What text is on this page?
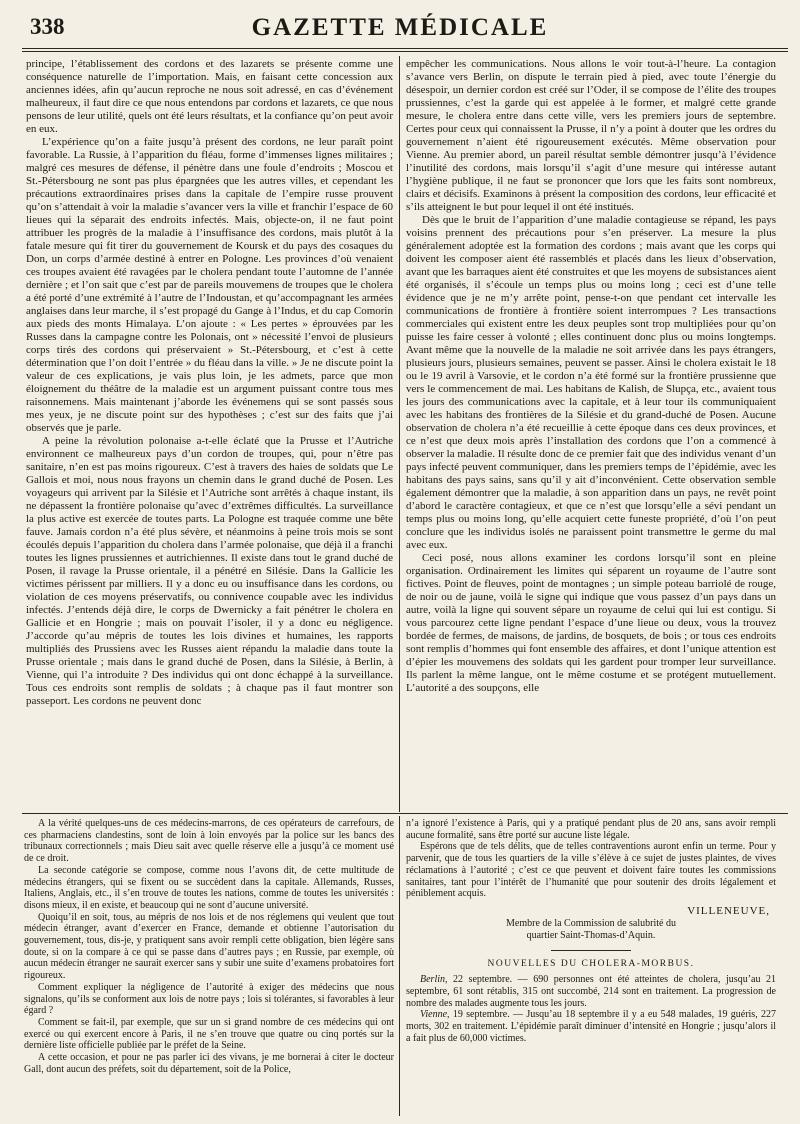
338	GAZETTE MÉDICALE

principe, l’établissement des cordons et des lazarets se présente comme une conséquence naturelle de l’importation. Mais, en faisant cette concession aux anciennes idées, afin qu’aucun reproche ne nous soit adressé, en cas d’événement malheureux, il faut dire ce que nous entendons par cordons et lazarets, ce que nous pensons de leur utilité, quels ont été leurs résultats, et la confiance qu’on peut avoir en eux.

L’expérience qu’on a faite jusqu’à présent des cordons, ne leur paraît point favorable. La Russie, à l’apparition du fléau, forme d’immenses lignes militaires ; malgré ces mesures de défense, il pénètre dans une foule d’endroits ; Moscou et St.-Pétersbourg ne sont pas plus épargnées que les autres villes, et cependant les précautions extraordinaires prises dans la capitale de l’empire russe prouvent qu’on s’attendait à voir la maladie s’avancer vers la ville et franchir l’espace de 60 lieues qui la séparait des endroits infectés. Mais, objecte-on, il ne faut point attribuer les progrès de la maladie à l’insuffisance des cordons, mais plutôt à la fatale mesure qui fit tirer du gouvernement de Koursk et du pays des cosaques du Don, un corps d’armée destiné à entrer en Pologne. Les provinces d’où venaient ces troupes avaient été ravagées par le cholera pendant toute l’automne de l’année dernière ; et l’on sait que c’est par de pareils mouvemens de troupes que le cholera a été porté d’une extrémité à l’autre de l’Indoustan, et qu’accompagnant les armées anglaises dans leur marche, il s’est propagé du Gange à l’Indus, et du cap Comorin aux pieds des monts Himalaya. L’on ajoute : « Les pertes » éprouvées par les Russes dans la campagne contre les Polonais, ont » nécessité l’envoi de plusieurs corps tirés des cordons qui préservaient » St.-Pétersbourg, et c’est à cette détermination que l’on doit l’entrée » du fléau dans la ville. » Je ne discute point la valeur de ces explications, je vais plus loin, je les admets, parce que mon éloignement du théâtre de la maladie est un argument puissant contre tous mes raisonnemens. Mais maintenant j’aborde les événemens qui se sont passés sous mes yeux, je ne discute point sur des hypothèses ; c’est sur des faits que j’ai observés que je parle.

A peine la révolution polonaise a-t-elle éclaté que la Prusse et l’Autriche environnent ce malheureux pays d’un cordon de troupes, qui, pour n’être pas sanitaire, n’en est pas moins rigoureux. C’est à travers des haies de soldats que Le Gallois et moi, nous nous frayons un chemin dans le grand duché de Posen. Les voyageurs qui arrivent par la Silésie et l’Autriche sont arrêtés à chaque instant, ils ne dépassent la frontière polonaise qu’avec d’extrêmes difficultés. La surveillance la plus active est exercée de toutes parts. La Pologne est traquée comme une bête fauve. Jamais cordon n’a été plus sévère, et néanmoins à peine trois mois se sont écoulés depuis l’apparition du cholera dans l’armée polonaise, que déjà il a franchi toutes les lignes prussiennes et autrichiennes. Il existe dans tout le grand duché de Posen, il ravage la Prusse orientale, il a pénétré en Silésie. Dans la Gallicie les victimes périssent par milliers. Il y a donc eu ou insuffisance dans les cordons, ou violation de ces moyens préservatifs, ou connivence coupable avec les individus infectés. J’entends déjà dire, le corps de Dwernicky a fait pénétrer le cholera en Gallicie et en Hongrie ; mais on pouvait l’isoler, il y a donc eu négligence. J’accorde qu’au mépris de toutes les lois divines et humaines, les rapports multipliés des Prussiens avec les Russes aient répandu la maladie dans toute la Prusse orientale ; mais dans le grand duché de Posen, dans la Silésie, à Berlin, à Vienne, qui l’a introduite ? Des individus qui ont donc échappé à la surveillance. Tous ces endroits sont remplis de soldats ; à chaque pas il faut montrer son passeport. Les cordons ne peuvent donc

empêcher les communications. Nous allons le voir tout-à-l’heure. La contagion s’avance vers Berlin, on dispute le terrain pied à pied, avec toute l’énergie du désespoir, un dernier cordon est créé sur l’Oder, il se compose de l’élite des troupes prussiennes, c’est la garde qui est appelée à le former, et malgré cette grande mesure, le cholera entre dans cette ville, vers les premiers jours de septembre. Certes pour ceux qui connaissent la Prusse, il n’y a point à douter que les ordres du gouvernement n’aient été rigoureusement exécutés. Même observation pour Vienne. Au premier abord, un pareil résultat semble démontrer jusqu’à l’évidence l’inutilité des cordons, mais lorsqu’il s’agit d’une mesure qui intéresse autant l’hygiène publique, il ne faut se prononcer que lors que les faits sont nombreux, clairs et décisifs. Examinons à présent la composition des cordons, leur efficacité et s’ils atteignent le but pour lequel il ont été institués.

Dès que le bruit de l’apparition d’une maladie contagieuse se répand, les pays voisins prennent des précautions pour s’en préserver. La mesure la plus généralement adoptée est la formation des cordons ; mais avant que les corps qui doivent les composer aient été rassemblés et placés dans les lieux d’observation, avant que les barraques aient été construites et que les moyens de subsistances aient été organisés, il s’écoule un temps plus ou moins long ; ceci est d’une telle évidence que je ne m’y arrête point, pense-t-on que pendant cet intervalle les communications de frontière à frontière soient interrompues ? Les transactions commerciales qui existent entre les deux peuples sont trop multipliées pour qu’on puisse les faire cesser à volonté ; elles continuent donc plus ou moins longtemps. Avant même que la nouvelle de la maladie ne soit arrivée dans les pays étrangers, plusieurs jours, plusieurs semaines, peuvent se passer. Ainsi le cholera existait le 18 ou le 19 avril à Varsovie, et le cordon n’a été formé sur la frontière prussienne que vers le commencement de mai. Les habitans de Kalish, de Slupça, etc., avaient tous les jours des communications avec la capitale, et à leur tour ils communiquaient avec les habitans des frontières de la Silésie et du grand-duché de Posen. Aucune observation de cholera n’a été recueillie à cette époque dans ces deux provinces, et ce n’est que deux mois après l’installation des cordons que l’on a commencé à observer la maladie. Il résulte donc de ce premier fait que des individus venant d’un pays infecté peuvent communiquer, dans les premiers temps de l’épidémie, avec les habitans des pays sains, sans qu’il y ait d’inconvénient. Cette observation semble également démontrer que la maladie, à son apparition dans un pays, ne revêt point d’abord le caractère contagieux, et que ce n’est que lorsqu’elle a sévi pendant un temps plus ou moins long, qu’elle acquiert cette funeste propriété, d’où l’on peut conclure que les individus isolés ne paraissent point transmettre le germe du mal avec eux.

Ceci posé, nous allons examiner les cordons lorsqu’il sont en pleine organisation. Ordinairement les limites qui séparent un royaume de l’autre sont fictives. Point de fleuves, point de montagnes ; un simple poteau barriolé de rouge, de noir ou de jaune, voilà le signe qui indique que vous passez d’un pays dans un autre, voilà la ligne qui souvent sépare un royaume de celui qui lui est contigu. Si vous parcourez cette ligne pendant l’espace d’une lieue ou deux, vous la trouvez bordée de fermes, de maisons, de jardins, de bosquets, de bois ; or tous ces endroits sont remplis d’hommes qui font ensemble des affaires, et dont l’unique attention est d’épier les mouvemens des soldats qui les gardent pour tromper leur surveillance. Ils parlent la même langue, ont le même costume et se protégent mutuellement. L’autorité a des soupçons, elle

A la vérité quelques-uns de ces médecins-marrons, de ces opérateurs de carrefours, de ces pharmaciens clandestins, sont de loin à loin envoyés par la police sur les bancs des tribunaux correctionnels ; mais Dieu sait avec quelle réserve elle a jusqu’à ce moment usé de ce droit.

La seconde catégorie se compose, comme nous l’avons dit, de cette multitude de médecins étrangers, qui se fixent ou se succèdent dans la capitale. Allemands, Russes, Italiens, Anglais, etc., il s’en trouve de toutes les nations, comme de toutes les universités : disons mieux, il en existe, et beaucoup qui ne sont d’aucune université.

Quoiqu’il en soit, tous, au mépris de nos lois et de nos réglemens qui veulent que tout médecin étranger, avant d’exercer en France, demande et obtienne l’autorisation du gouvernement, tous, dis-je, y pratiquent sans avoir rempli cette obligation, bien légère sans doute, si on la compare à ce qui se passe dans d’autres pays ; en Russie, par exemple, où aucun médecin étranger ne saurait exercer sans y subir une suite d’examens probatoires fort rigoureux.

Comment expliquer la négligence de l’autorité à exiger des médecins que nous signalons, qu’ils se conforment aux lois de notre pays ; lois si tolérantes, si favorables à leur égard ?

Comment se fait-il, par exemple, que sur un si grand nombre de ces médecins qui ont exercé ou qui exercent encore à Paris, il ne s’en trouve que quatre ou cinq portés sur la dernière liste officielle publiée par le préfet de la Seine.

A cette occasion, et pour ne pas parler ici des vivans, je me bornerai à citer le docteur Gall, dont aucun des préfets, soit du département, soit de la Police,

n’a ignoré l’existence à Paris, qui y a pratiqué pendant plus de 20 ans, sans avoir rempli aucune formalité, sans être porté sur aucune liste légale.

Espérons que de tels délits, que de telles contraventions auront enfin un terme. Pour y parvenir, que de tous les quartiers de la ville s’élève à ce sujet de justes plaintes, de vives réclamations à l’autorité ; c’est ce que peuvent et doivent faire toutes les commissions sanitaires, tant pour l’intérêt de l’humanité que pour soutenir des droits légalement et péniblement acquis.

VILLENEUVE,
Membre de la Commission de salubrité du
quartier Saint-Thomas-d’Aquin.
NOUVELLES DU CHOLERA-MORBUS.

Berlin, 22 septembre. — 690 personnes ont été atteintes de cholera, jusqu’au 21 septembre, 61 sont rétablis, 315 ont succombé, 214 sont en traitement. La progression de nombre des malades augmente tous les jours.

Vienne, 19 septembre. — Jusqu’au 18 septembre il y a eu 548 malades, 19 guéris, 227 morts, 302 en traitement. L’épidémie paraît diminuer d’intensité en Hongrie ; jusqu’alors il a fait plus de 60,000 victimes.
